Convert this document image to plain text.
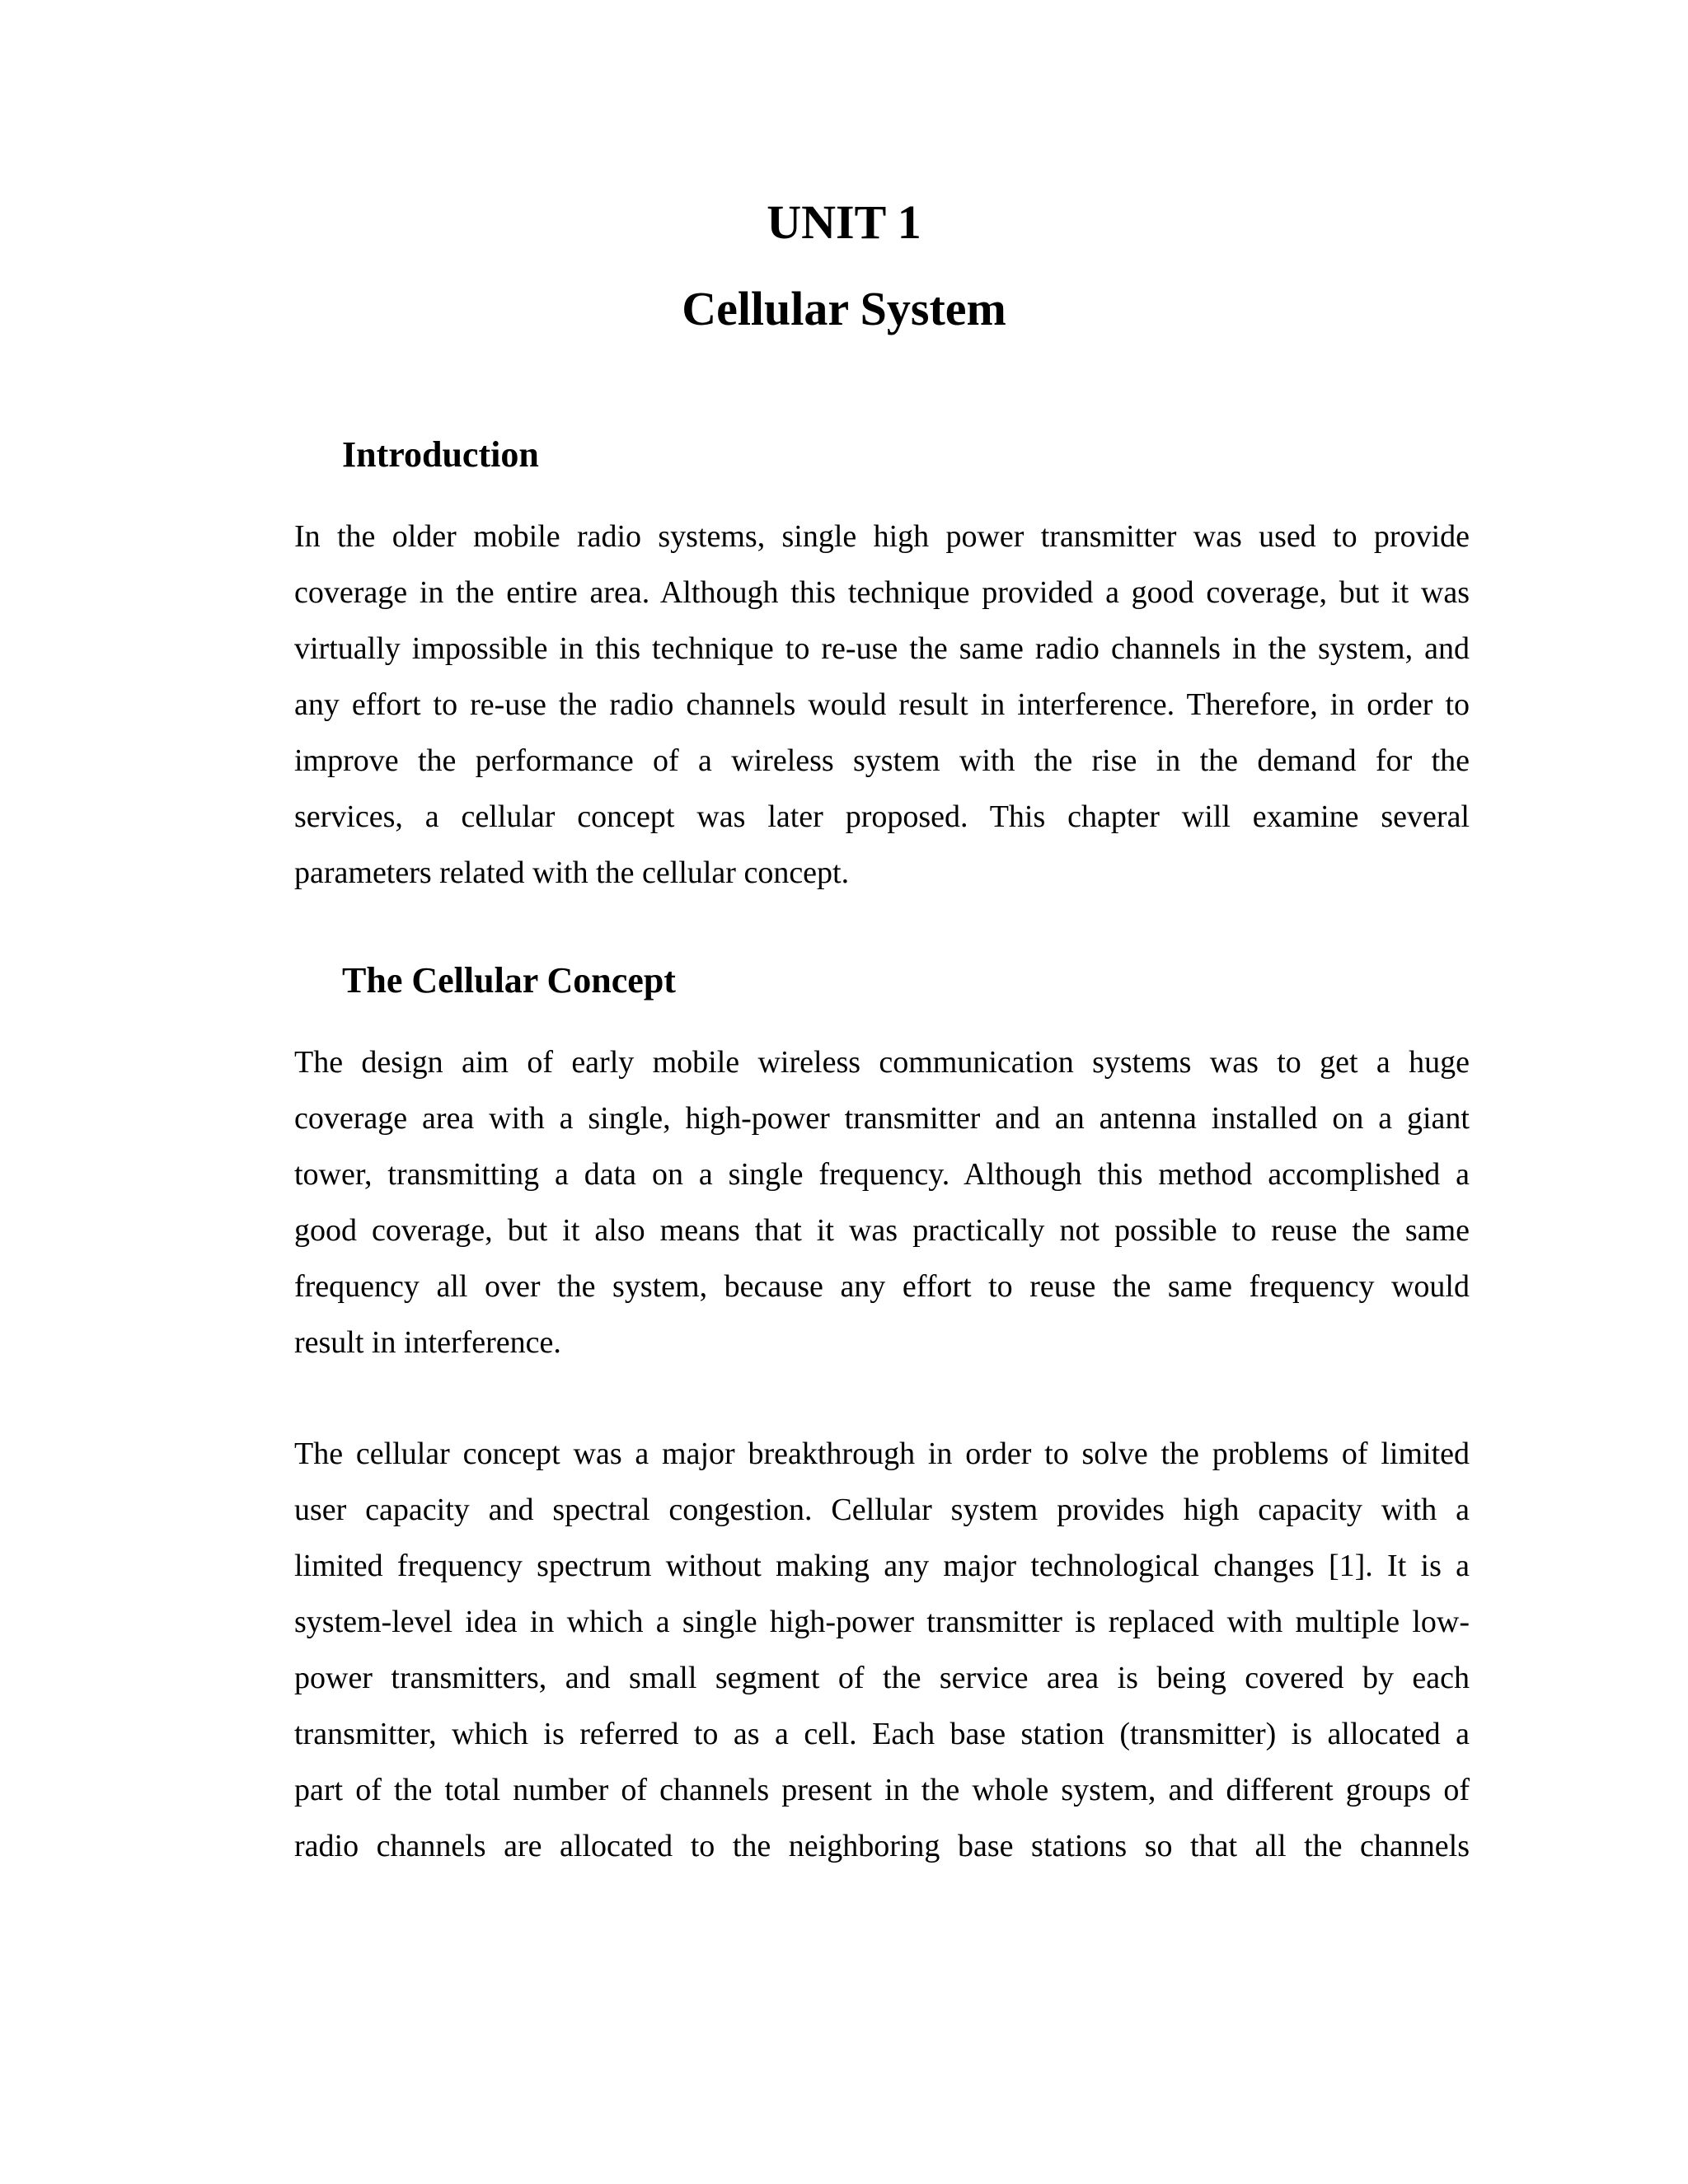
UNIT 1
Cellular System
Introduction
In the older mobile radio systems, single high power transmitter was used to provide
coverage in the entire area. Although this technique provided a good coverage, but it was
virtually impossible in this technique to re-use the same radio channels in the system, and
any effort to re-use the radio channels would result in interference. Therefore, in order to
improve the performance of a wireless system with the rise in the demand for the
services, a cellular concept was later proposed. This chapter will examine several
parameters related with the cellular concept.
The Cellular Concept
The design aim of early mobile wireless communication systems was to get a huge
coverage area with a single, high-power transmitter and an antenna installed on a giant
tower, transmitting a data on a single frequency. Although this method accomplished a
good coverage, but it also means that it was practically not possible to reuse the same
frequency all over the system, because any effort to reuse the same frequency would
result in interference.
The cellular concept was a major breakthrough in order to solve the problems of limited
user capacity and spectral congestion. Cellular system provides high capacity with a
limited frequency spectrum without making any major technological changes [1]. It is a
system-level idea in which a single high-power transmitter is replaced with multiple low-
power transmitters, and small segment of the service area is being covered by each
transmitter, which is referred to as a cell. Each base station (transmitter) is allocated a
part of the total number of channels present in the whole system, and different groups of
radio channels are allocated to the neighboring base stations so that all the channels
